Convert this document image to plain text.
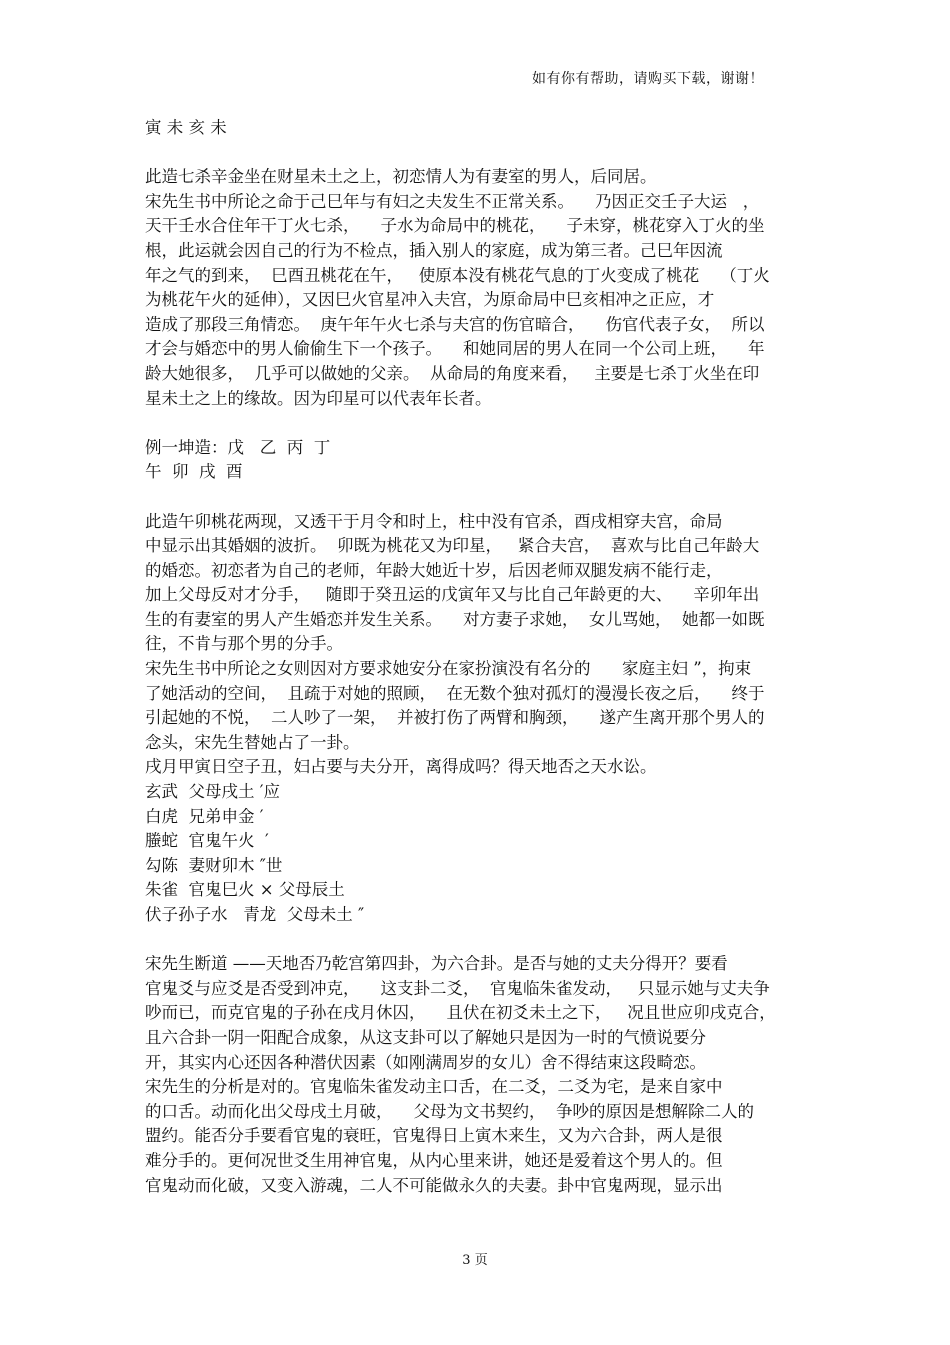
如有你有帮助，请购买下载，谢谢！
寅 未 亥 未
此造七杀辛金坐在财星未土之上，初恋情人为有妻室的男人，后同居。
宋先生书中所论之命于己巳年与有妇之夫发生不正常关系。    乃因正交壬子大运   ，
天干壬水合住年干丁火七杀，    子水为命局中的桃花，    子未穿，桃花穿入丁火的坐
根，此运就会因自己的行为不检点，插入别人的家庭，成为第三者。己巳年因流
年之气的到来，  巳酉丑桃花在午，   使原本没有桃花气息的丁火变成了桃花    （丁火
为桃花午火的延伸），又因巳火官星冲入夫宫，为原命局中巳亥相冲之正应，才
造成了那段三角情恋。  庚午年午火七杀与夫宫的伤官暗合，    伤官代表子女，  所以
才会与婚恋中的男人偷偷生下一个孩子。    和她同居的男人在同一个公司上班，    年
龄大她很多，  几乎可以做她的父亲。  从命局的角度来看，   主要是七杀丁火坐在印
星未土之上的缘故。因为印星可以代表年长者。
例一坤造：戊   乙  丙  丁
午  卯  戌  酉
此造午卯桃花两现，又透干于月令和时上，柱中没有官杀，酉戌相穿夫宫，命局
中显示出其婚姻的波折。  卯既为桃花又为印星，   紧合夫宫，  喜欢与比自己年龄大
的婚恋。初恋者为自己的老师，年龄大她近十岁，后因老师双腿发病不能行走，
加上父母反对才分手，   随即于癸丑运的戊寅年又与比自己年龄更的大、    辛卯年出
生的有妻室的男人产生婚恋并发生关系。    对方妻子求她，  女儿骂她，  她都一如既
往，不肯与那个男的分手。
宋先生书中所论之女则因对方要求她安分在家扮演没有名分的      家庭主妇 ”，拘束
了她活动的空间，  且疏于对她的照顾，  在无数个独对孤灯的漫漫长夜之后，    终于
引起她的不悦，  二人吵了一架，  并被打伤了两臂和胸颈，    遂产生离开那个男人的
念头，宋先生替她占了一卦。
戌月甲寅日空子丑，妇占要与夫分开，离得成吗？得天地否之天水讼。
玄武  父母戌土 ′应
白虎  兄弟申金 ′
螣蛇  官鬼午火  ′
勾陈  妻财卯木 ″世
朱雀  官鬼巳火 × 父母辰土
伏子孙子水   青龙  父母未土 ″
宋先生断道 ——天地否乃乾宫第四卦，为六合卦。是否与她的丈夫分得开？要看
官鬼爻与应爻是否受到冲克，    这支卦二爻，  官鬼临朱雀发动，   只显示她与丈夫争
吵而已，而克官鬼的子孙在戌月休囚，    且伏在初爻未土之下，   况且世应卯戌克合，
且六合卦一阴一阳配合成象，从这支卦可以了解她只是因为一时的气愤说要分
开，其实内心还因各种潜伏因素（如刚满周岁的女儿）舍不得结束这段畸恋。
宋先生的分析是对的。官鬼临朱雀发动主口舌，在二爻，二爻为宅，是来自家中
的口舌。动而化出父母戌土月破，    父母为文书契约，  争吵的原因是想解除二人的
盟约。能否分手要看官鬼的衰旺，官鬼得日上寅木来生，又为六合卦，两人是很
难分手的。更何况世爻生用神官鬼，从内心里来讲，她还是爱着这个男人的。但
官鬼动而化破，又变入游魂，二人不可能做永久的夫妻。卦中官鬼两现，显示出
3 页
